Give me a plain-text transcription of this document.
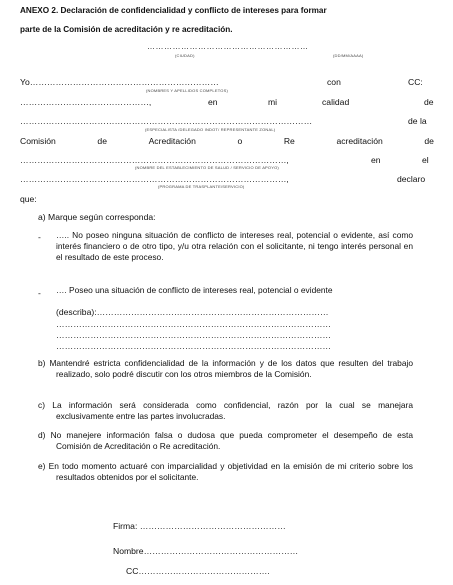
ANEXO 2. Declaración de confidencialidad y conflicto de intereses para formar
parte de la Comisión de acreditación y re acreditación.
…………………………………………………
(CIUDAD)	(DD/MM/AAAA)
Yo…………………………………………………………	con	CC:
(NOMBRES Y APELLIDOS COMPLETOS)
………………………………………,	en	mi	calidad	de
…………………………………………………………………………………………	de la
(ESPECIALISTA /DELEGADO INDOT/ REPRESENTANTE ZONAL)
Comisión	de	Acreditación	o	Re	acreditación	de
…………………………………………………………………………………,	en	el
(NOMBRE DEL ESTABLECIMIENTO DE SALUD / SERVICIO DE APOYO)
…………………………………………………………………………………,	declaro
(PROGRAMA DE TRASPLANTE/SERVICIO)
que:
a) Marque según corresponda:
- ….. No poseo ninguna situación de conflicto de intereses real, potencial o evidente, así como interés financiero o de otro tipo, y/u otra relación con el solicitante, ni tengo interés personal en el resultado de este proceso.
- …. Poseo una situación de conflicto de intereses real, potencial o evidente
(describa):………………………………………………………………………
……………………………………………………………………………………
……………………………………………………………………………………
……………………………………………………………………………………
b) Mantendré estricta confidencialidad de la información y de los datos que resulten del trabajo realizado, solo podré discutir con los otros miembros de la Comisión.
c) La información será considerada como confidencial, razón por la cual se manejara exclusivamente entre las partes involucradas.
d) No manejere información falsa o dudosa que pueda comprometer el desempeño de esta Comisión de Acreditación o Re acreditación.
e) En todo momento actuaré con imparcialidad y objetividad en la emisión de mi criterio sobre los resultados obtenidos por el solicitante.
Firma: ……………………………………………
Nombre………………………………………………
CC……………………………………….
